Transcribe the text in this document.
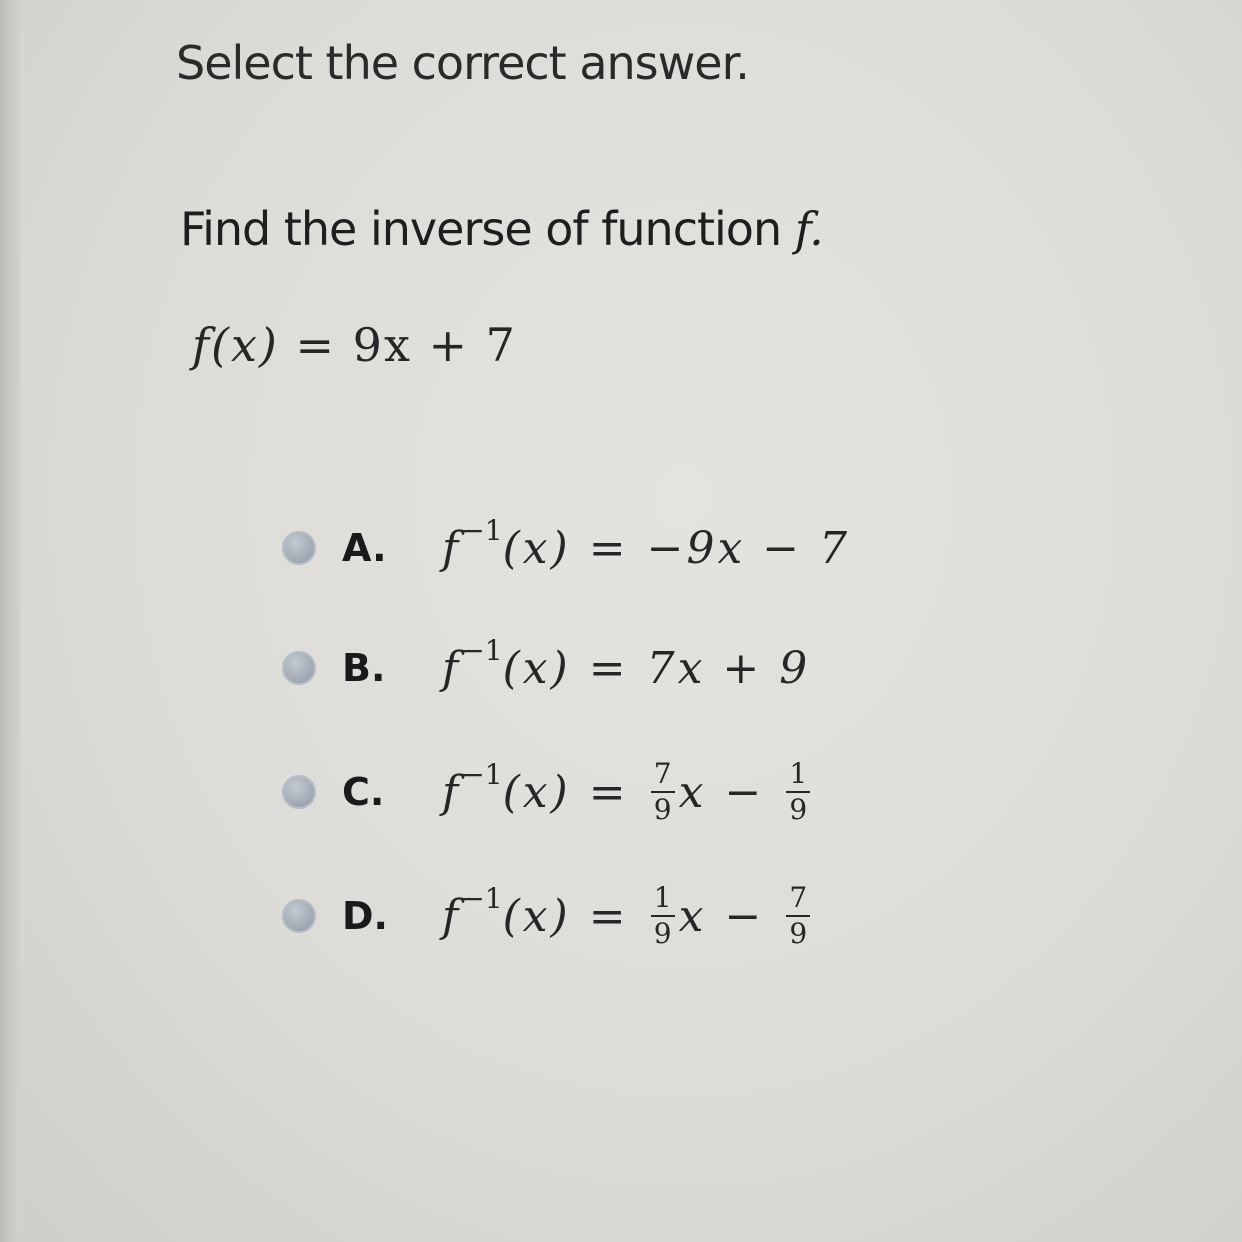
Select the correct answer.
Find the inverse of function f.
f(x) = 9x + 7
A.	f −1 (x) = −9x − 7
B.	f −1 (x) = 7x + 9
C.	f −1 $(x) = \frac{7}{9}$ $x - \frac{1}{9}$
D.	f −1 $(x) = \frac{1}{9}$ $x - \frac{7}{9}$
